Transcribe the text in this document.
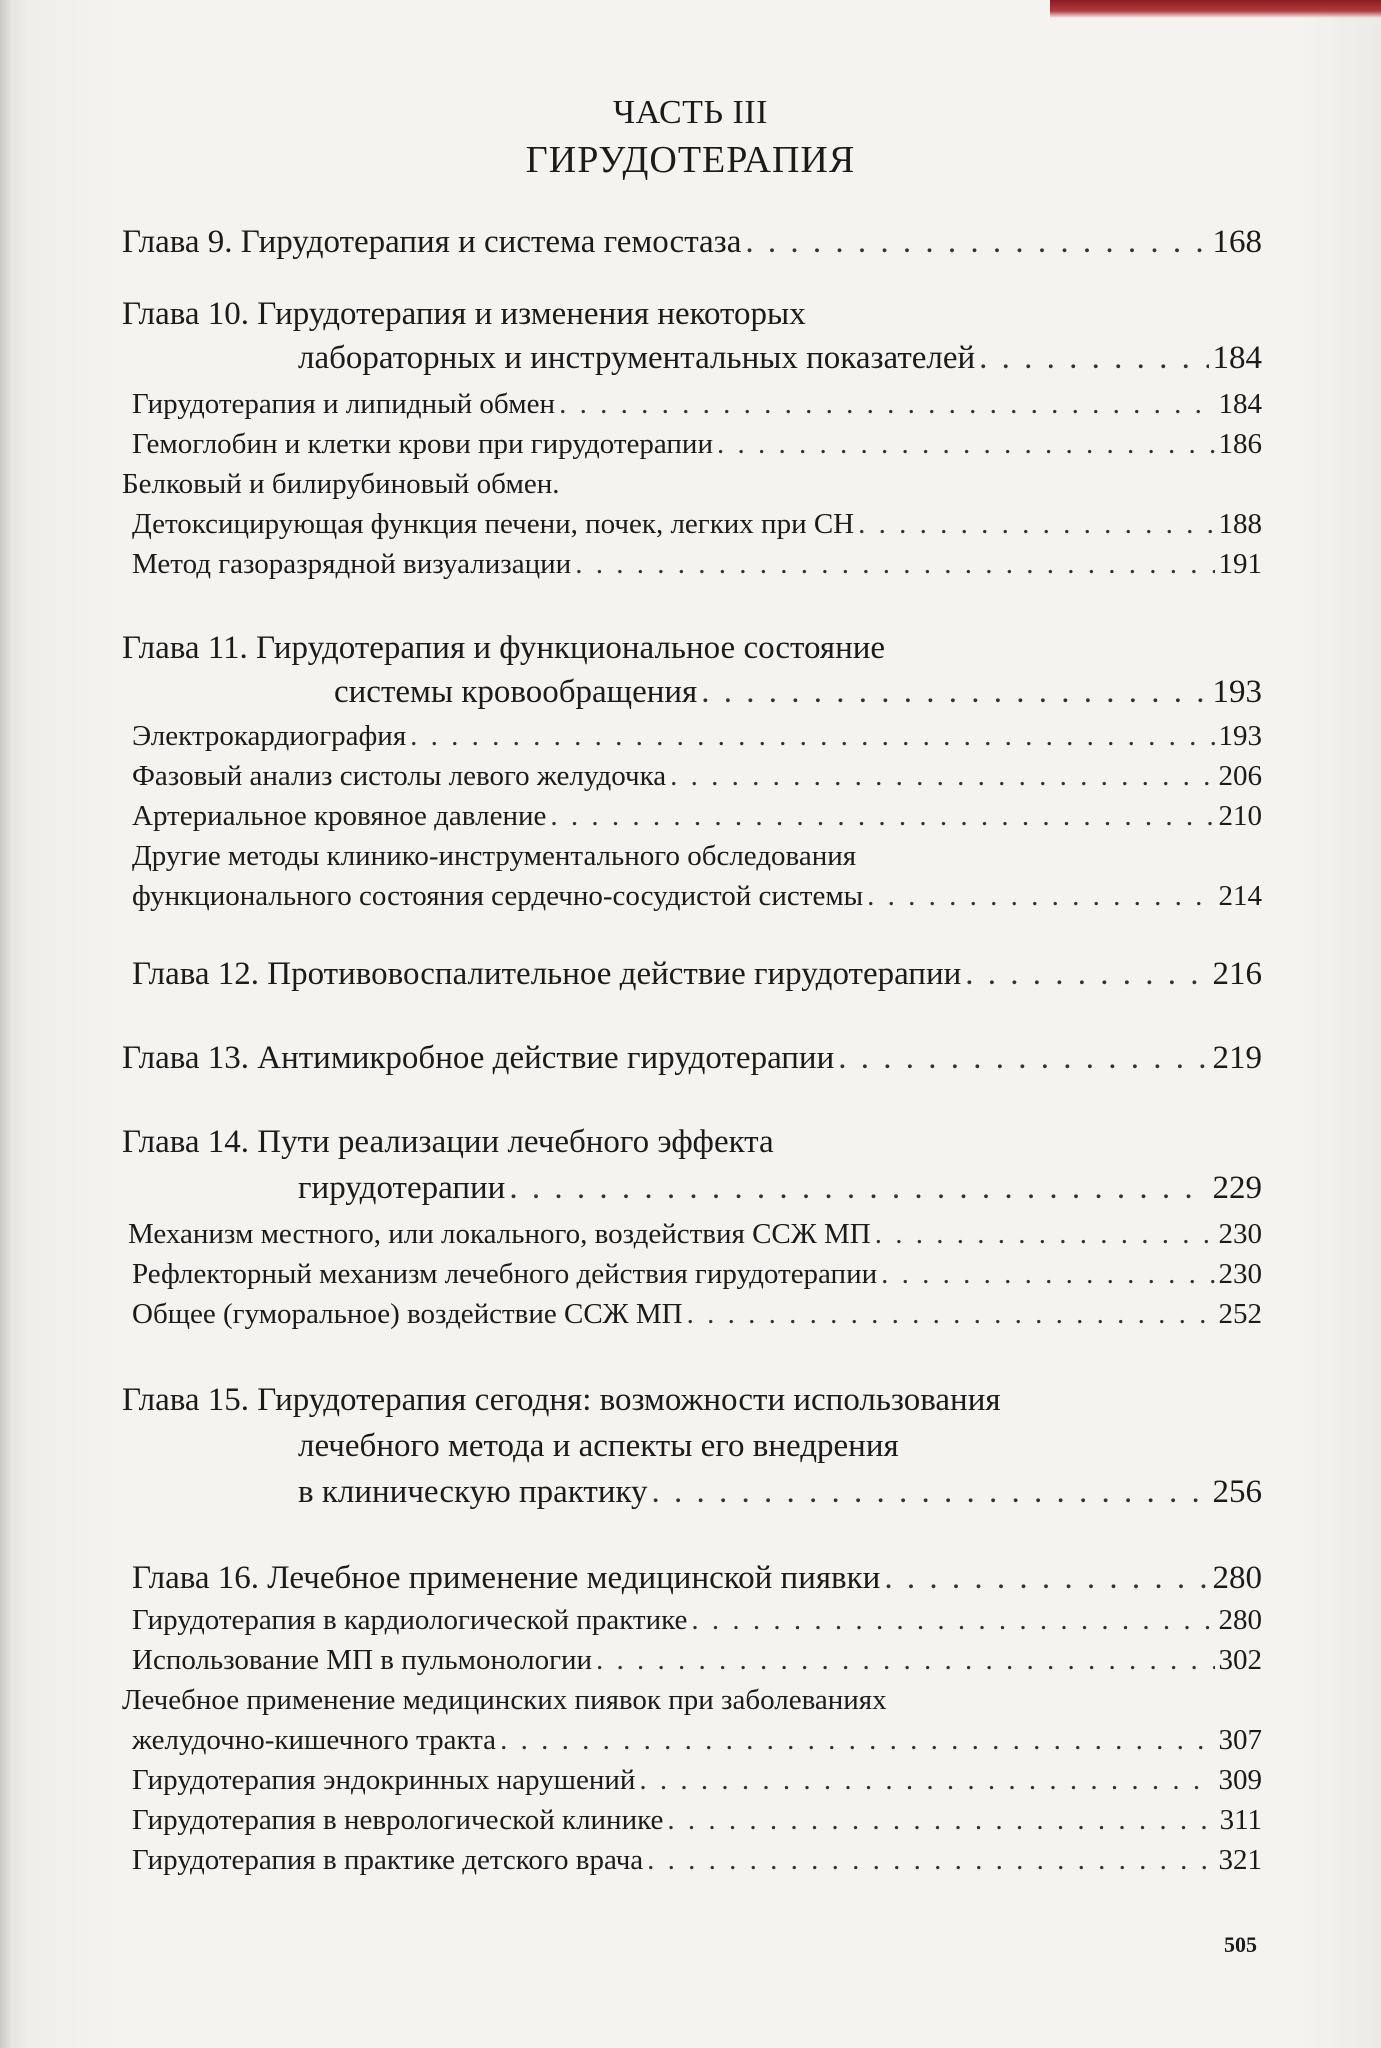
ЧАСТЬ III
ГИРУДОТЕРАПИЯ
Глава 9. Гирудотерапия и система гемостаза . . .	168
Глава 10. Гирудотерапия и изменения некоторых
лабораторных и инструментальных показателей . . .	184
Гирудотерапия и липидный обмен . . .	184
Гемоглобин и клетки крови при гирудотерапии . . .	186
Белковый и билирубиновый обмен.
Детоксицирующая функция печени, почек, легких при СН . . .	188
Метод газоразрядной визуализации . . .	191
Глава 11. Гирудотерапия и функциональное состояние
системы кровообращения . . .	193
Электрокардиография . . .	193
Фазовый анализ систолы левого желудочка . . .	206
Артериальное кровяное давление . . .	210
Другие методы клинико-инструментального обследования
функционального состояния сердечно-сосудистой системы . . .	214
Глава 12. Противовоспалительное действие гирудотерапии . . .	216
Глава 13. Антимикробное действие гирудотерапии . . .	219
Глава 14. Пути реализации лечебного эффекта
гирудотерапии . . .	229
Механизм местного, или локального, воздействия ССЖ МП . . .	230
Рефлекторный механизм лечебного действия гирудотерапии . . .	230
Общее (гуморальное) воздействие ССЖ МП . . .	252
Глава 15. Гирудотерапия сегодня: возможности использования
лечебного метода и аспекты его внедрения
в клиническую практику . . .	256
Глава 16. Лечебное применение медицинской пиявки . . .	280
Гирудотерапия в кардиологической практике . . .	280
Использование МП в пульмонологии . . .	302
Лечебное применение медицинских пиявок при заболеваниях
желудочно-кишечного тракта . . .	307
Гирудотерапия эндокринных нарушений . . .	309
Гирудотерапия в неврологической клинике . . .	311
Гирудотерапия в практике детского врача . . .	321
505
